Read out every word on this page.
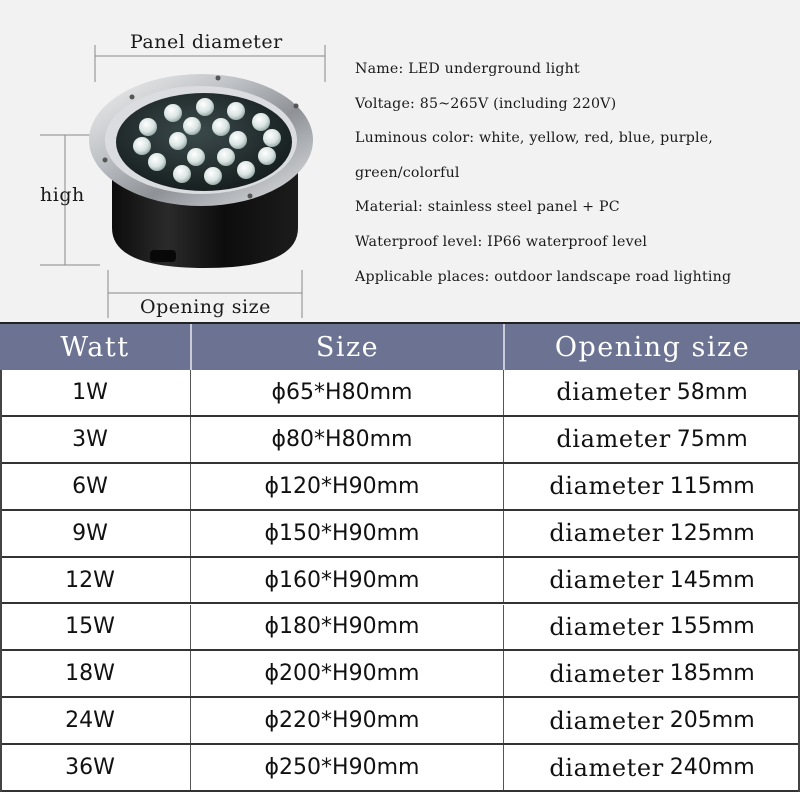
Panel diameter
high
Opening size
Name: LED underground light
Voltage: 85~265V (including 220V)
Luminous color: white, yellow, red, blue, purple,
green/colorful
Material: stainless steel panel + PC
Waterproof level: IP66 waterproof level
Applicable places: outdoor landscape road lighting
Watt	Size	Opening size
1W	ϕ65*H80mm	diameter 58mm
3W	ϕ80*H80mm	diameter 75mm
6W	ϕ120*H90mm	diameter 115mm
9W	ϕ150*H90mm	diameter 125mm
12W	ϕ160*H90mm	diameter 145mm
15W	ϕ180*H90mm	diameter 155mm
18W	ϕ200*H90mm	diameter 185mm
24W	ϕ220*H90mm	diameter 205mm
36W	ϕ250*H90mm	diameter 240mm
